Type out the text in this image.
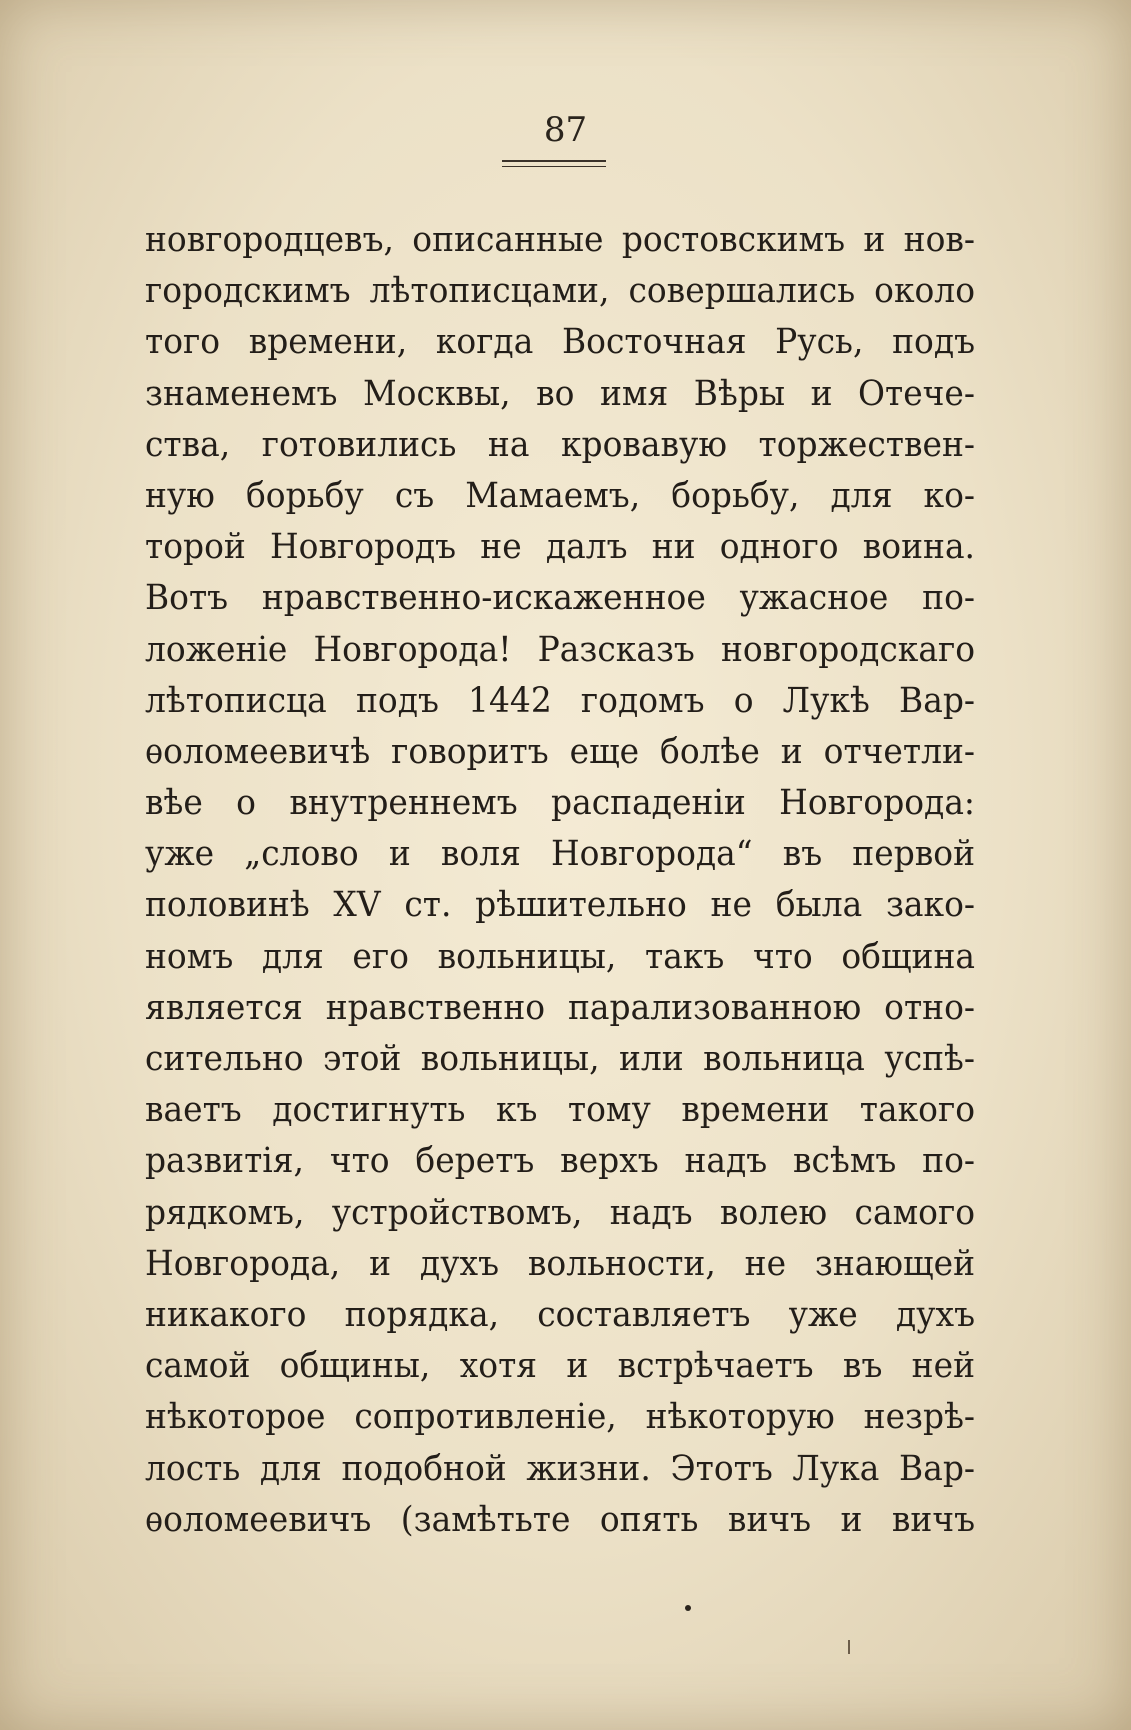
87
новгородцевъ, описанные ростовскимъ и нов-
городскимъ лѣтописцами, совершались около
того времени, когда Восточная Русь, подъ
знаменемъ Москвы, во имя Вѣры и Отече-
ства, готовились на кровавую торжествен-
ную борьбу съ Мамаемъ, борьбу, для ко-
торой Новгородъ не далъ ни одного воина.
Вотъ нравственно-искаженное ужасное по-
ложеніе Новгорода! Разсказъ новгородскаго
лѣтописца подъ 1442 годомъ о Лукѣ Вар-
ѳоломеевичѣ говоритъ еще болѣе и отчетли-
вѣе о внутреннемъ распаденіи Новгорода:
уже „слово и воля Новгорода“ въ первой
половинѣ XV ст. рѣшительно не была зако-
номъ для его вольницы, такъ что община
является нравственно парализованною отно-
сительно этой вольницы, или вольница успѣ-
ваетъ достигнуть къ тому времени такого
развитія, что беретъ верхъ надъ всѣмъ по-
рядкомъ, устройствомъ, надъ волею самого
Новгорода, и духъ вольности, не знающей
никакого порядка, составляетъ уже духъ
самой общины, хотя и встрѣчаетъ въ ней
нѣкоторое сопротивленіе, нѣкоторую незрѣ-
лость для подобной жизни. Этотъ Лука Вар-
ѳоломеевичъ (замѣтьте опять вичъ и вичъ
